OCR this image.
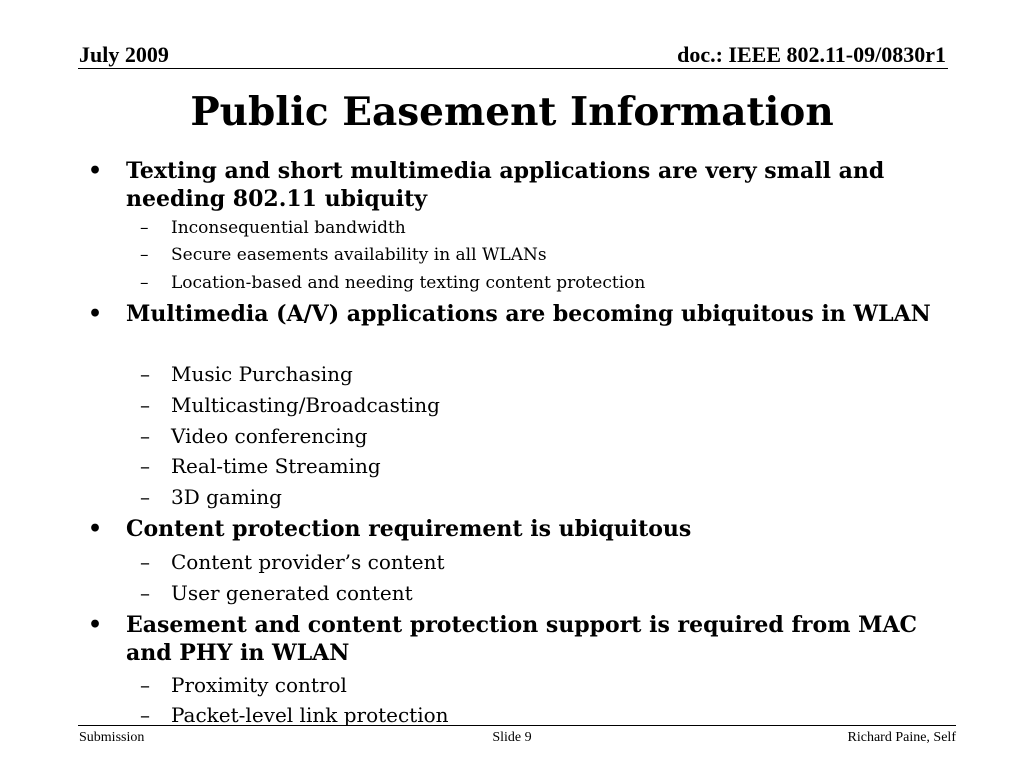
July 2009	doc.: IEEE 802.11-09/0830r1
Public Easement Information
• Texting and short multimedia applications are very small and needing 802.11 ubiquity
– Inconsequential bandwidth
– Secure easements availability in all WLANs
– Location-based and needing texting content protection
• Multimedia (A/V) applications are becoming ubiquitous in WLAN
– Music Purchasing
– Multicasting/Broadcasting
– Video conferencing
– Real-time Streaming
– 3D gaming
• Content protection requirement is ubiquitous
– Content provider’s content
– User generated content
• Easement and content protection support is required from MAC and PHY in WLAN
– Proximity control
– Packet-level link protection
Submission	Slide 9	Richard Paine, Self
